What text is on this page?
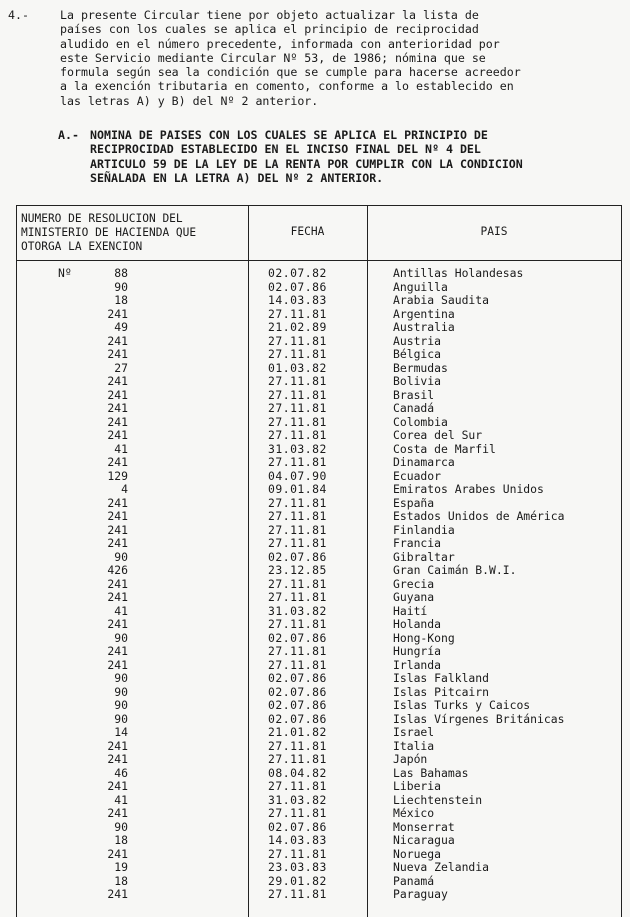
4.-	La presente Circular tiene por objeto actualizar la lista de
países con los cuales se aplica el principio de reciprocidad
aludido en el número precedente, informada con anterioridad por
este Servicio mediante Circular Nº 53, de 1986; nómina que se
formula según sea la condición que se cumple para hacerse acreedor
a la exención tributaria en comento, conforme a lo establecido en
las letras A) y B) del Nº 2 anterior.
A.- NOMINA DE PAISES CON LOS CUALES SE APLICA EL PRINCIPIO DE
RECIPROCIDAD ESTABLECIDO EN EL INCISO FINAL DEL Nº 4 DEL
ARTICULO 59 DE LA LEY DE LA RENTA POR CUMPLIR CON LA CONDICION
SEÑALADA EN LA LETRA A) DEL Nº 2 ANTERIOR.
NUMERO DE RESOLUCION DEL
MINISTERIO DE HACIENDA QUE
OTORGA LA EXENCION
FECHA	PAIS
Nº	88	02.07.82	Antillas Holandesas
90	02.07.86	Anguilla
18	14.03.83	Arabia Saudita
241	27.11.81	Argentina
49	21.02.89	Australia
241	27.11.81	Austria
241	27.11.81	Bélgica
27	01.03.82	Bermudas
241	27.11.81	Bolivia
241	27.11.81	Brasil
241	27.11.81	Canadá
241	27.11.81	Colombia
241	27.11.81	Corea del Sur
41	31.03.82	Costa de Marfil
241	27.11.81	Dinamarca
129	04.07.90	Ecuador
4	09.01.84	Emiratos Arabes Unidos
241	27.11.81	España
241	27.11.81	Estados Unidos de América
241	27.11.81	Finlandia
241	27.11.81	Francia
90	02.07.86	Gibraltar
426	23.12.85	Gran Caimán B.W.I.
241	27.11.81	Grecia
241	27.11.81	Guyana
41	31.03.82	Haití
241	27.11.81	Holanda
90	02.07.86	Hong-Kong
241	27.11.81	Hungría
241	27.11.81	Irlanda
90	02.07.86	Islas Falkland
90	02.07.86	Islas Pitcairn
90	02.07.86	Islas Turks y Caicos
90	02.07.86	Islas Vírgenes Británicas
14	21.01.82	Israel
241	27.11.81	Italia
241	27.11.81	Japón
46	08.04.82	Las Bahamas
241	27.11.81	Liberia
41	31.03.82	Liechtenstein
241	27.11.81	México
90	02.07.86	Monserrat
18	14.03.83	Nicaragua
241	27.11.81	Noruega
19	23.03.83	Nueva Zelandia
18	29.01.82	Panamá
241	27.11.81	Paraguay
